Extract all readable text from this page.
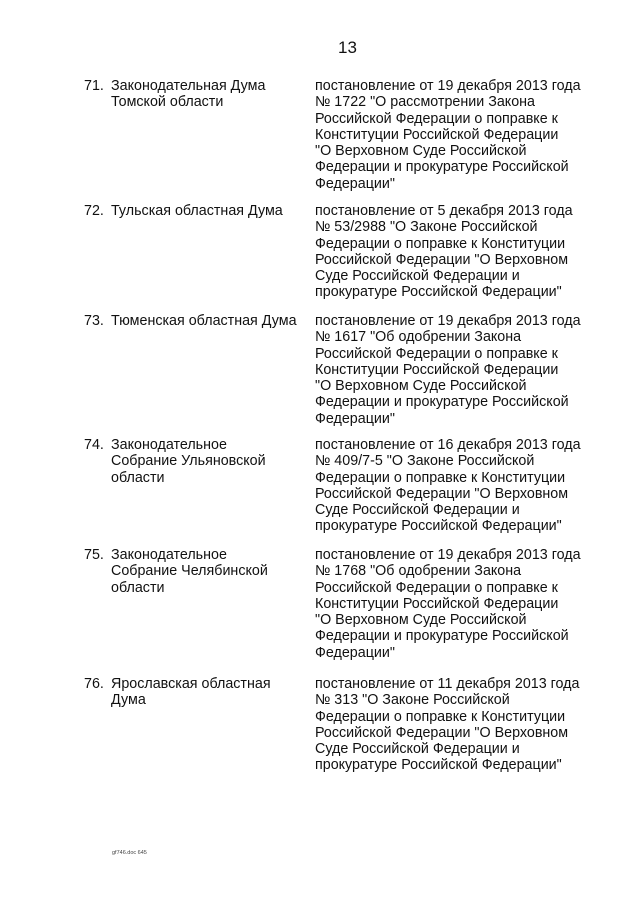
13
71. Законодательная Дума
Томской области
постановление от 19 декабря 2013 года
№ 1722 "О рассмотрении Закона
Российской Федерации о поправке к
Конституции Российской Федерации
"О Верховном Суде Российской
Федерации и прокуратуре Российской
Федерации"
72. Тульская областная Дума постановление от 5 декабря 2013 года
№ 53/2988 "О Законе Российской
Федерации о поправке к Конституции
Российской Федерации "О Верховном
Суде Российской Федерации и
прокуратуре Российской Федерации"
73. Тюменская областная Дума постановление от 19 декабря 2013 года
№ 1617 "Об одобрении Закона
Российской Федерации о поправке к
Конституции Российской Федерации
"О Верховном Суде Российской
Федерации и прокуратуре Российской
Федерации"
74. Законодательное
Собрание Ульяновской
области
постановление от 16 декабря 2013 года
№ 409/7-5 "О Законе Российской
Федерации о поправке к Конституции
Российской Федерации "О Верховном
Суде Российской Федерации и
прокуратуре Российской Федерации"
75. Законодательное
Собрание Челябинской
области
постановление от 19 декабря 2013 года
№ 1768 "Об одобрении Закона
Российской Федерации о поправке к
Конституции Российской Федерации
"О Верховном Суде Российской
Федерации и прокуратуре Российской
Федерации"
76. Ярославская областная
Дума
постановление от 11 декабря 2013 года
№ 313 "О Законе Российской
Федерации о поправке к Конституции
Российской Федерации "О Верховном
Суде Российской Федерации и
прокуратуре Российской Федерации"
gf746.doc 645
